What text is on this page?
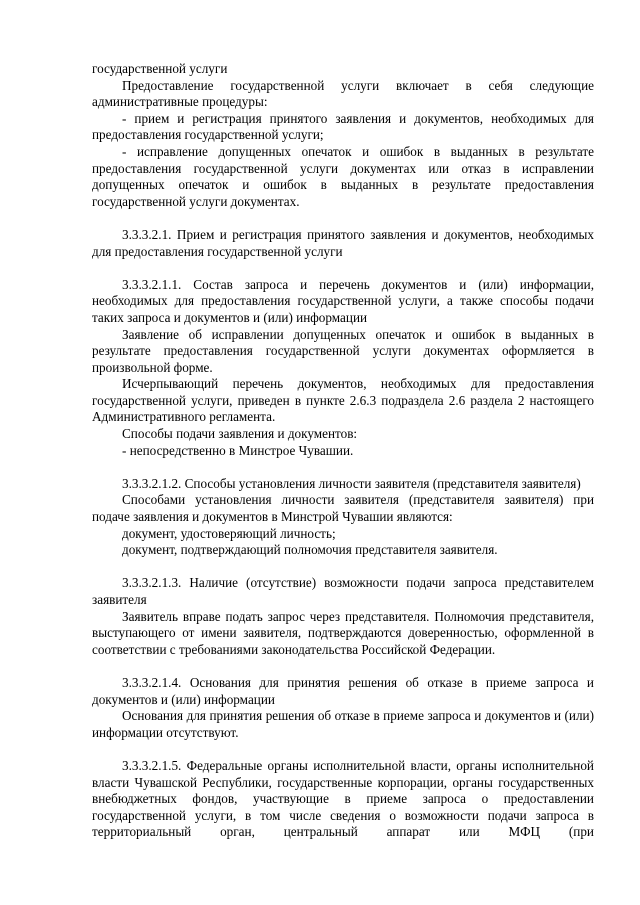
государственной услуги

Предоставление государственной услуги включает в себя следующие административные процедуры:

- прием и регистрация принятого заявления и документов, необходимых для предоставления государственной услуги;

- исправление допущенных опечаток и ошибок в выданных в результате предоставления государственной услуги документах или отказ в исправлении допущенных опечаток и ошибок в выданных в результате предоставления государственной услуги документах.

3.3.3.2.1. Прием и регистрация принятого заявления и документов, необходимых для предоставления государственной услуги

3.3.3.2.1.1. Состав запроса и перечень документов и (или) информации, необходимых для предоставления государственной услуги, а также способы подачи таких запроса и документов и (или) информации

Заявление об исправлении допущенных опечаток и ошибок в выданных в результате предоставления государственной услуги документах оформляется в произвольной форме.

Исчерпывающий перечень документов, необходимых для предоставления государственной услуги, приведен в пункте 2.6.3 подраздела 2.6 раздела 2 настоящего Административного регламента.

Способы подачи заявления и документов:

- непосредственно в Минстрое Чувашии.

3.3.3.2.1.2. Способы установления личности заявителя (представителя заявителя)

Способами установления личности заявителя (представителя заявителя) при подаче заявления и документов в Минстрой Чувашии являются:

документ, удостоверяющий личность;

документ, подтверждающий полномочия представителя заявителя.

3.3.3.2.1.3. Наличие (отсутствие) возможности подачи запроса представителем заявителя

Заявитель вправе подать запрос через представителя. Полномочия представителя, выступающего от имени заявителя, подтверждаются доверенностью, оформленной в соответствии с требованиями законодательства Российской Федерации.

3.3.3.2.1.4. Основания для принятия решения об отказе в приеме запроса и документов и (или) информации

Основания для принятия решения об отказе в приеме запроса и документов и (или) информации отсутствуют.

3.3.3.2.1.5. Федеральные органы исполнительной власти, органы исполнительной власти Чувашской Республики, государственные корпорации, органы государственных внебюджетных фондов, участвующие в приеме запроса о предоставлении государственной услуги, в том числе сведения о возможности подачи запроса в территориальный орган, центральный аппарат или МФЦ (при
